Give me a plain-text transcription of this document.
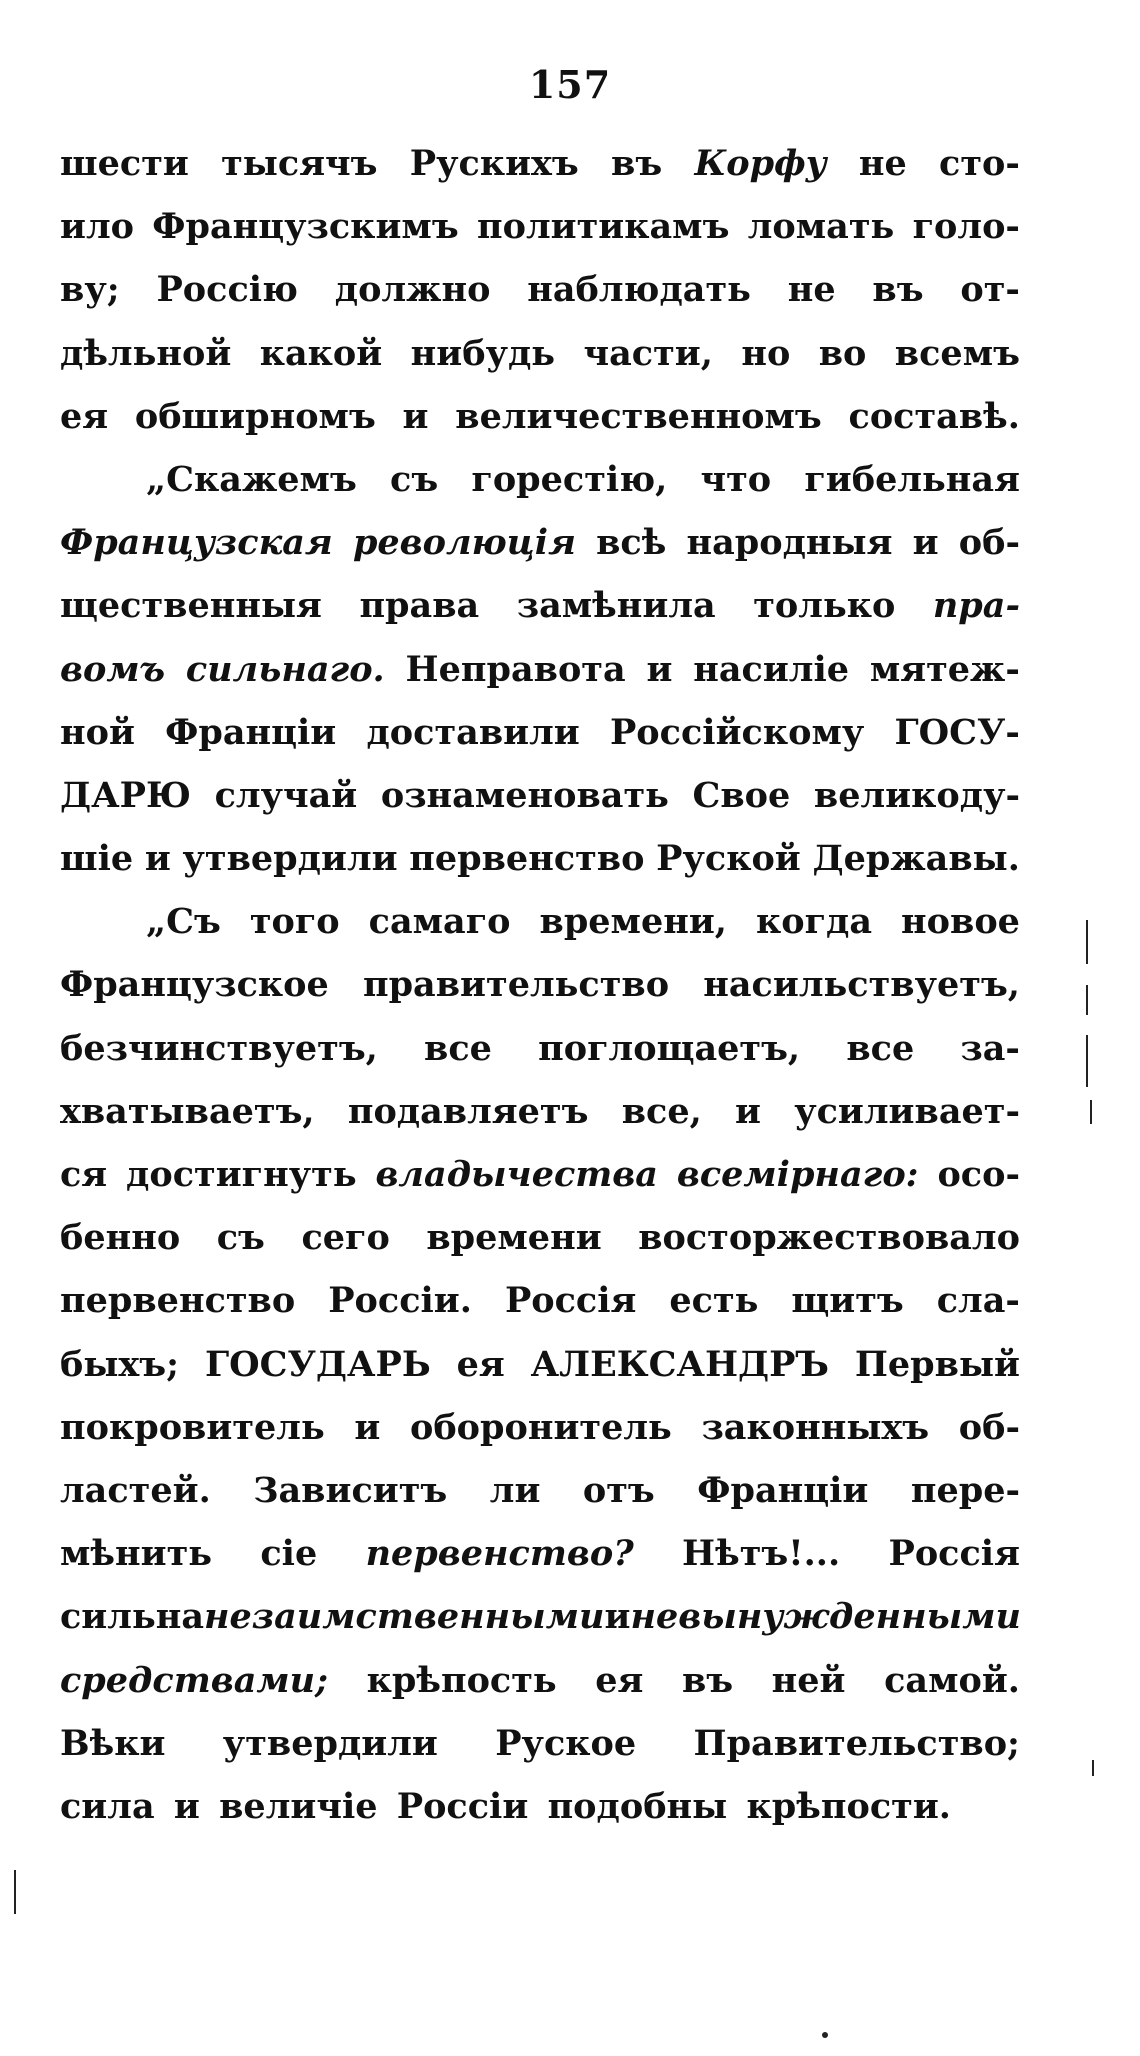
157
шести тысячъ Рускихъ въ Корфу не сто-
ило Французскимъ политикамъ ломать голо-
ву; Россію должно наблюдать не въ от-
дѣльной какой нибудь части, но во всемъ
ея обширномъ и величественномъ составѣ.
„Скажемъ съ горестію, что гибельная
Французская революція всѣ народныя и об-
щественныя права замѣнила только пра-
вомъ сильнаго. Неправота и насиліе мятеж-
ной Франціи доставили Россійскому ГОСУ-
ДАРЮ случай ознаменовать Свое великоду-
шіе и утвердили первенство Руской Державы.
„Съ того самаго времени, когда новое
Французское правительство насильствуетъ,
безчинствуетъ, все поглощаетъ, все за-
хватываетъ, подавляетъ все, и усиливает-
ся достигнуть владычества всемірнаго: осо-
бенно съ сего времени восторжествовало
первенство Россіи. Россія есть щитъ сла-
быхъ; ГОСУДАРЬ ея АЛЕКСАНДРЪ Первый
покровитель и оборонитель законныхъ об-
ластей. Зависитъ ли отъ Франціи пере-
мѣнить сіе первенство? Нѣтъ!... Россія
сильна не заимственными и не вынужденными
средствами; крѣпость ея въ ней самой.
Вѣки утвердили Руское Правительство;
сила и величіе Россіи подобны крѣпости.
